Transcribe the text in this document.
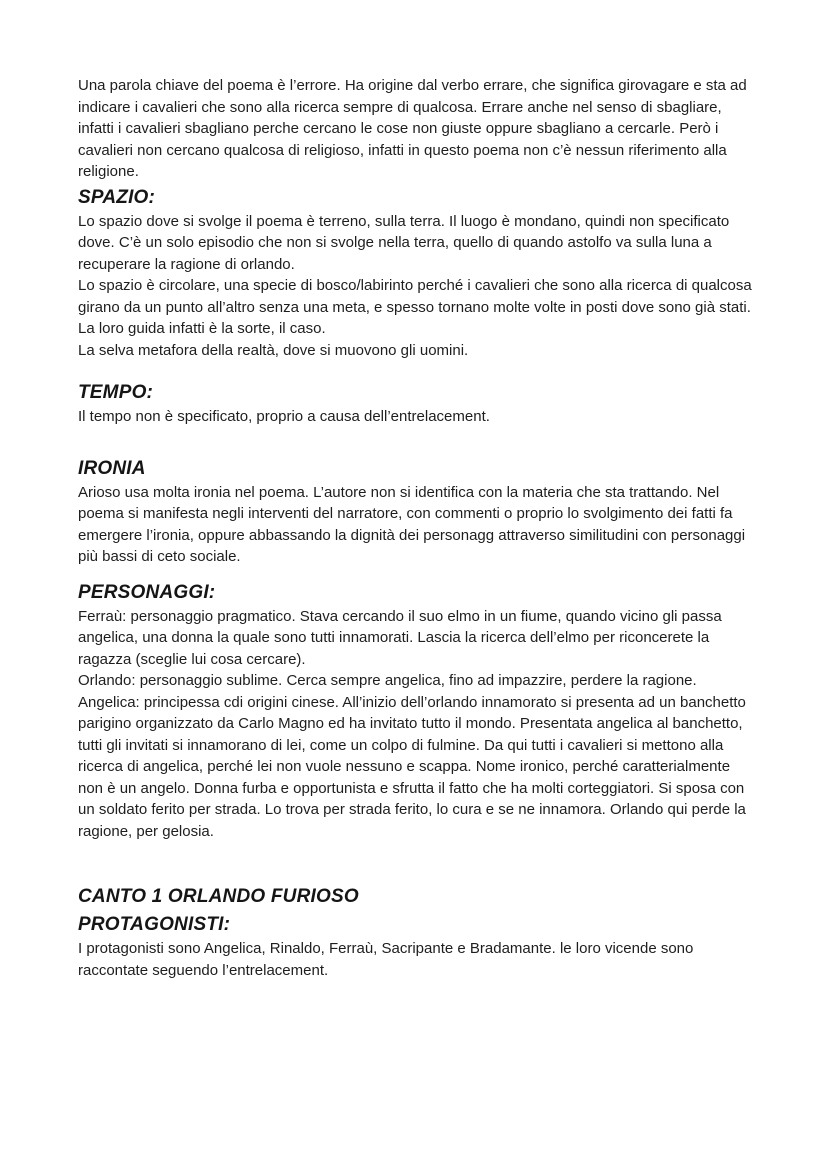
Una parola chiave del poema è l’errore. Ha origine dal verbo errare, che significa girovagare e sta ad indicare i cavalieri che sono alla ricerca sempre di qualcosa. Errare anche nel senso di sbagliare, infatti i cavalieri sbagliano perche cercano le cose non giuste oppure sbagliano a cercarle. Però i cavalieri non cercano qualcosa di religioso, infatti in questo poema non c’è nessun riferimento alla religione.

SPAZIO:

Lo spazio dove si svolge il poema è terreno, sulla terra. Il luogo è mondano, quindi non specificato dove. C’è un solo episodio che non si svolge nella terra, quello di quando astolfo va sulla luna a recuperare la ragione di orlando.

Lo spazio è circolare, una specie di bosco/labirinto perché i cavalieri che sono alla ricerca di qualcosa girano da un punto all’altro senza una meta, e spesso tornano molte volte in posti dove sono già stati. La loro guida infatti è la sorte, il caso.

La selva metafora della realtà, dove si muovono gli uomini.

TEMPO:

Il tempo non è specificato, proprio a causa dell’entrelacement.

IRONIA

Arioso usa molta ironia nel poema. L’autore non si identifica con la materia che sta trattando. Nel poema si manifesta negli interventi del narratore, con commenti o proprio lo svolgimento dei fatti fa emergere l’ironia, oppure abbassando la dignità dei personagg attraverso similitudini con personaggi più bassi di ceto sociale.

PERSONAGGI:

Ferraù: personaggio pragmatico. Stava cercando il suo elmo in un fiume, quando vicino gli passa angelica, una donna la quale sono tutti innamorati. Lascia la ricerca dell’elmo per riconcerete la ragazza (sceglie lui cosa cercare).

Orlando: personaggio sublime. Cerca sempre angelica, fino ad impazzire, perdere la ragione.

Angelica: principessa cdi origini cinese. All’inizio dell’orlando innamorato si presenta ad un banchetto parigino organizzato da Carlo Magno ed ha invitato tutto il mondo. Presentata angelica al banchetto, tutti gli invitati si innamorano di lei, come un colpo di fulmine. Da qui tutti i cavalieri si mettono alla ricerca di angelica, perché lei non vuole nessuno e scappa. Nome ironico, perché caratterialmente non è un angelo. Donna furba e opportunista e sfrutta il fatto che ha molti corteggiatori. Si sposa con un soldato ferito per strada. Lo trova per strada ferito, lo cura e se ne innamora. Orlando qui perde la ragione, per gelosia.

CANTO 1 ORLANDO FURIOSO
PROTAGONISTI:

I protagonisti sono Angelica, Rinaldo, Ferraù, Sacripante e Bradamante. le loro vicende sono raccontate seguendo l’entrelacement.
